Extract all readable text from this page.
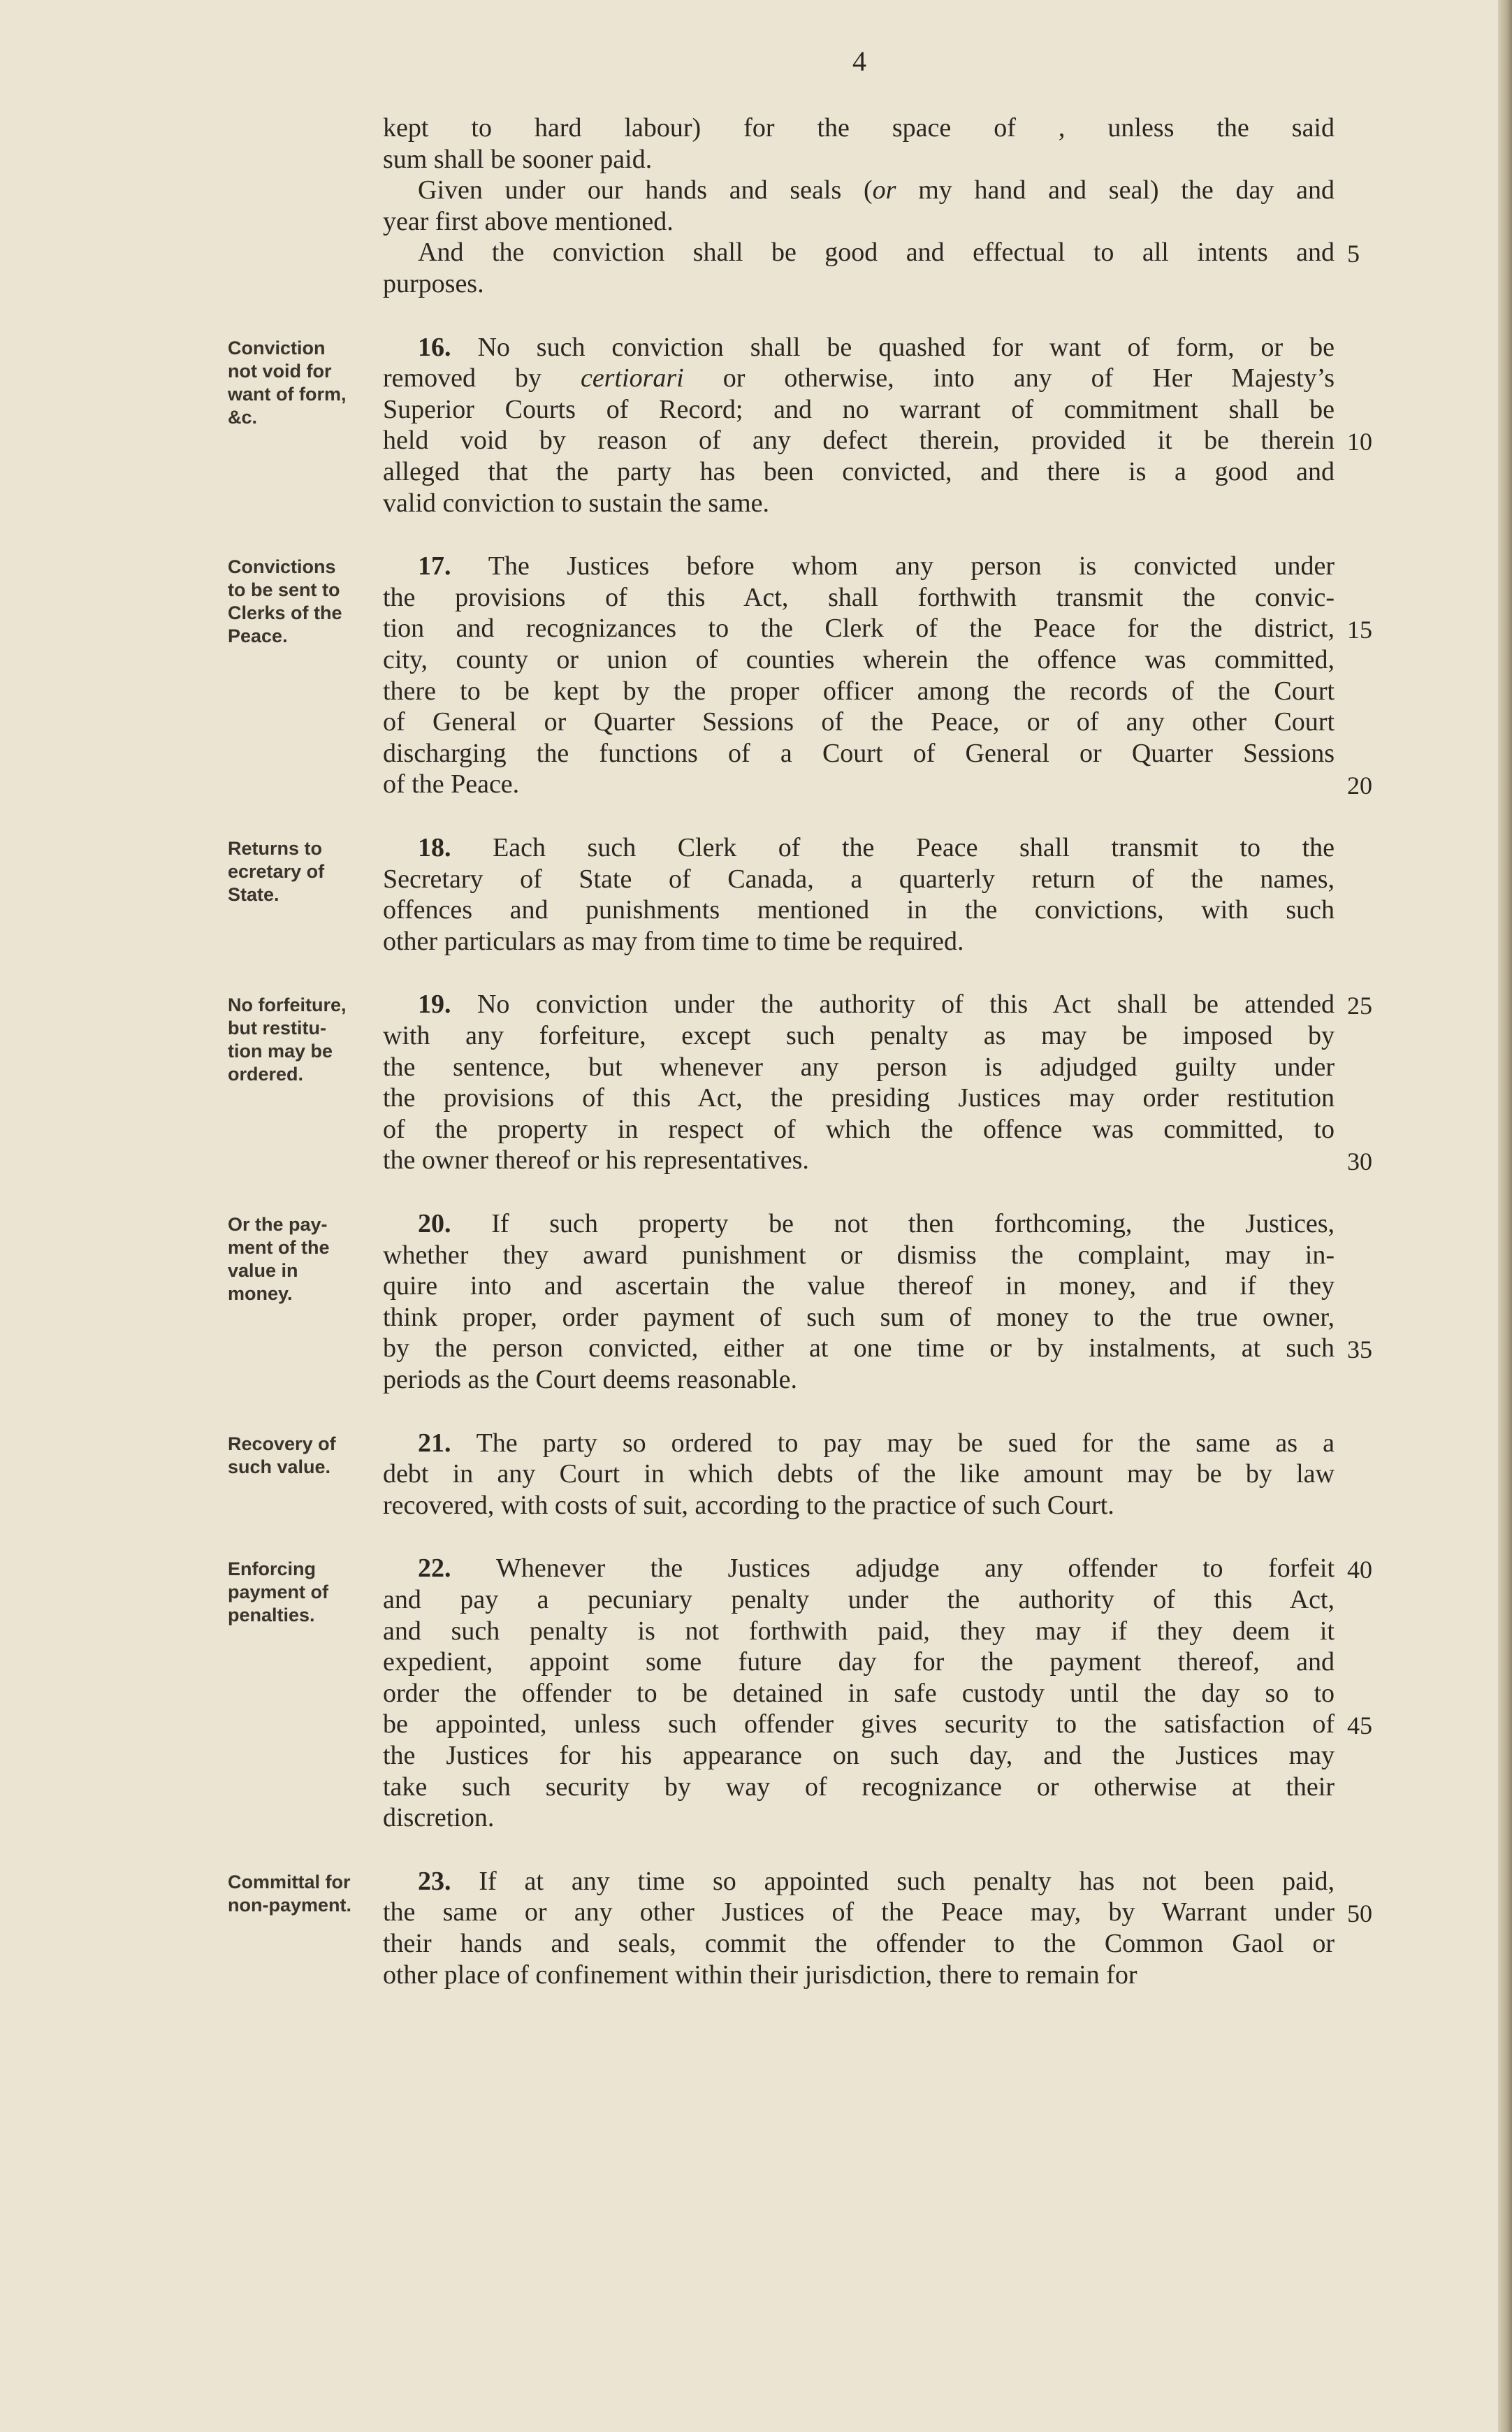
4
kept to hard labour) for the space of , unless the said
sum shall be sooner paid.
Given under our hands and seals (or my hand and seal) the day and
year first above mentioned.
And the conviction shall be good and effectual to all intents and
purposes.
Conviction
not void for
want of form,
&c.
16. No such conviction shall be quashed for want of form, or be
removed by certiorari or otherwise, into any of Her Majesty’s
Superior Courts of Record; and no warrant of commitment shall be
held void by reason of any defect therein, provided it be therein
alleged that the party has been convicted, and there is a good and
valid conviction to sustain the same.
Convictions
to be sent to
Clerks of the
Peace.
17. The Justices before whom any person is convicted under
the provisions of this Act, shall forthwith transmit the convic-
tion and recognizances to the Clerk of the Peace for the district,
city, county or union of counties wherein the offence was committed,
there to be kept by the proper officer among the records of the Court
of General or Quarter Sessions of the Peace, or of any other Court
discharging the functions of a Court of General or Quarter Sessions
of the Peace.
Returns to
ecretary of
State.
18. Each such Clerk of the Peace shall transmit to the
Secretary of State of Canada, a quarterly return of the names,
offences and punishments mentioned in the convictions, with such
other particulars as may from time to time be required.
No forfeiture,
but restitu-
tion may be
ordered.
19. No conviction under the authority of this Act shall be attended
with any forfeiture, except such penalty as may be imposed by
the sentence, but whenever any person is adjudged guilty under
the provisions of this Act, the presiding Justices may order restitution
of the property in respect of which the offence was committed, to
the owner thereof or his representatives.
Or the pay-
ment of the
value in
money.
20. If such property be not then forthcoming, the Justices,
whether they award punishment or dismiss the complaint, may in-
quire into and ascertain the value thereof in money, and if they
think proper, order payment of such sum of money to the true owner,
by the person convicted, either at one time or by instalments, at such
periods as the Court deems reasonable.
Recovery of
such value.
21. The party so ordered to pay may be sued for the same as a
debt in any Court in which debts of the like amount may be by law
recovered, with costs of suit, according to the practice of such Court.
Enforcing
payment of
penalties.
22. Whenever the Justices adjudge any offender to forfeit
and pay a pecuniary penalty under the authority of this Act,
and such penalty is not forthwith paid, they may if they deem it
expedient, appoint some future day for the payment thereof, and
order the offender to be detained in safe custody until the day so to
be appointed, unless such offender gives security to the satisfaction of
the Justices for his appearance on such day, and the Justices may
take such security by way of recognizance or otherwise at their
discretion.
Committal for
non-payment.
23. If at any time so appointed such penalty has not been paid,
the same or any other Justices of the Peace may, by Warrant under
their hands and seals, commit the offender to the Common Gaol or
other place of confinement within their jurisdiction, there to remain for
5
10
15
20
25
30
35
40
45
50
